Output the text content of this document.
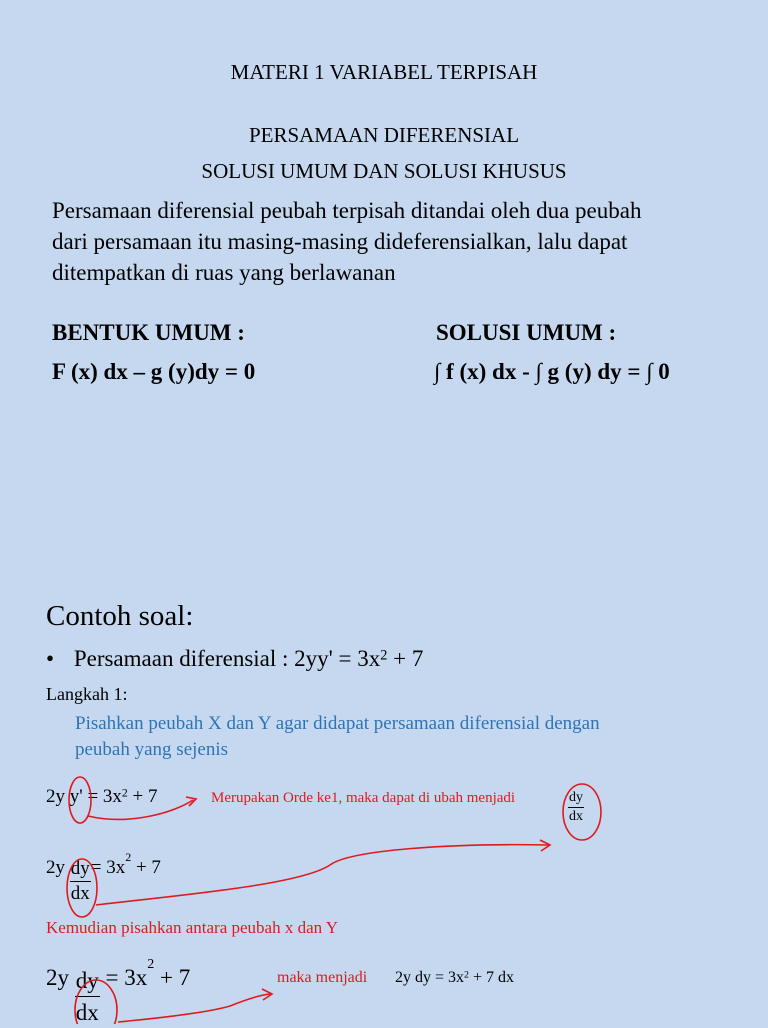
MATERI 1 VARIABEL TERPISAH
PERSAMAAN DIFERENSIAL
SOLUSI UMUM DAN SOLUSI KHUSUS
Persamaan diferensial peubah terpisah ditandai oleh dua peubah
dari persamaan itu masing-masing dideferensialkan, lalu dapat
ditempatkan di ruas yang berlawanan
BENTUK UMUM :
F (x) dx – g (y)dy = 0
SOLUSI UMUM :
∫ f (x) dx - ∫ g (y) dy = ∫ 0
Contoh soal:
• Persamaan diferensial : $2yy' = 3x^2 + 7$
Langkah 1:
Pisahkan peubah X dan Y agar didapat persamaan diferensial dengan
peubah yang sejenis
2y $y' = 3x^2 + 7$	Merupakan Orde ke1, maka dapat di ubah menjadi	$\frac{dy}{dx}$
$2y \frac{dy}{dx} = 3x^2 + 7$
Kemudian pisahkan antara peubah x dan Y
$2y \frac{dy}{dx} = 3x^2 + 7$	maka menjadi 2y dy = $3x^2 + 7$ dx
